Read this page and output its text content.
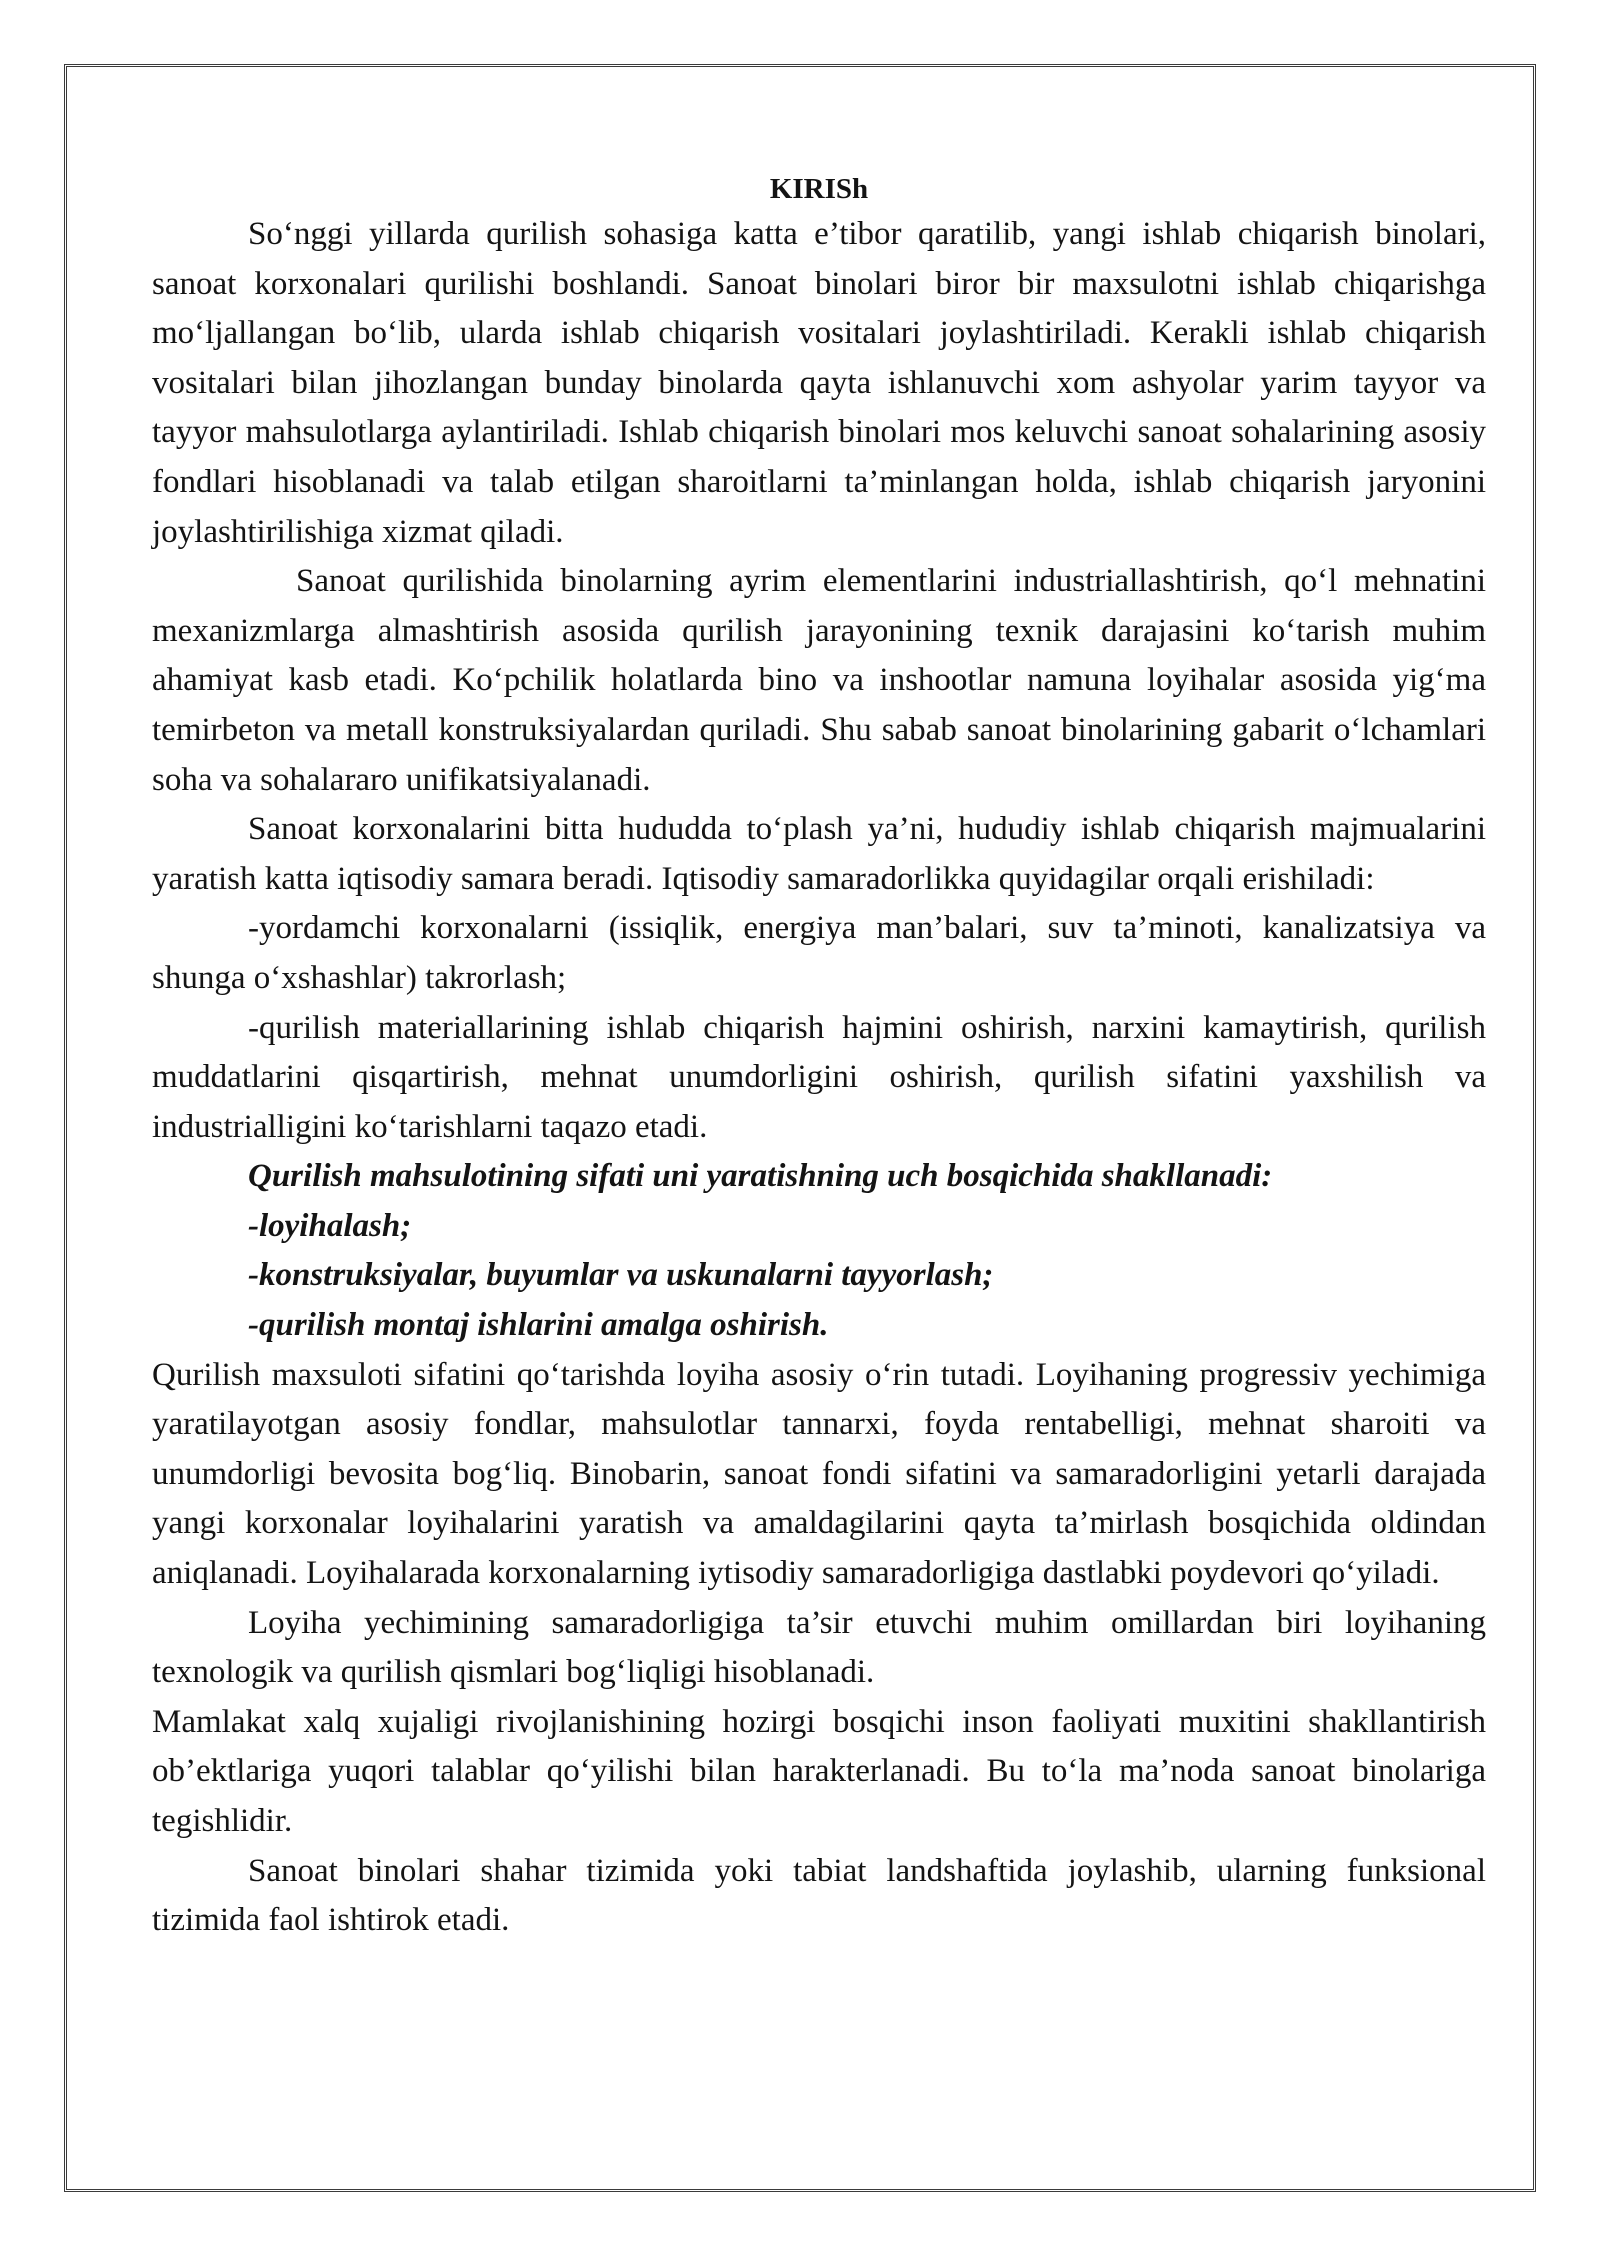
KIRISh

So‘nggi yillarda qurilish sohasiga katta e’tibor qaratilib, yangi ishlab chiqarish binolari, sanoat korxonalari qurilishi boshlandi. Sanoat binolari biror bir maxsulotni ishlab chiqarishga mo‘ljallangan bo‘lib, ularda ishlab chiqarish vositalari joylashtiriladi. Kerakli ishlab chiqarish vositalari bilan jihozlangan bunday binolarda qayta ishlanuvchi xom ashyolar yarim tayyor va tayyor mahsulotlarga aylantiriladi. Ishlab chiqarish binolari mos keluvchi sanoat sohalarining asosiy fondlari hisoblanadi va talab etilgan sharoitlarni ta’minlangan holda, ishlab chiqarish jaryonini joylashtirilishiga xizmat qiladi.

Sanoat qurilishida binolarning ayrim elementlarini industriallashtirish, qo‘l mehnatini mexanizmlarga almashtirish asosida qurilish jarayonining texnik darajasini ko‘tarish muhim ahamiyat kasb etadi. Ko‘pchilik holatlarda bino va inshootlar namuna loyihalar asosida yig‘ma temirbeton va metall konstruksiyalardan quriladi. Shu sabab sanoat binolarining gabarit o‘lchamlari soha va sohalararo unifikatsiyalanadi.

Sanoat korxonalarini bitta hududda to‘plash ya’ni, hududiy ishlab chiqarish majmualarini yaratish katta iqtisodiy samara beradi. Iqtisodiy samaradorlikka quyidagilar orqali erishiladi:

-yordamchi korxonalarni (issiqlik, energiya man’balari, suv ta’minoti, kanalizatsiya va shunga o‘xshashlar) takrorlash;

-qurilish materiallarining ishlab chiqarish hajmini oshirish, narxini kamaytirish, qurilish muddatlarini qisqartirish, mehnat unumdorligini oshirish, qurilish sifatini yaxshilish va industrialligini ko‘tarishlarni taqazo etadi.

Qurilish mahsulotining sifati uni yaratishning uch bosqichida shakllanadi:

-loyihalash;

-konstruksiyalar, buyumlar va uskunalarni tayyorlash;

-qurilish montaj ishlarini amalga oshirish.

Qurilish maxsuloti sifatini qo‘tarishda loyiha asosiy o‘rin tutadi. Loyihaning progressiv yechimiga yaratilayotgan asosiy fondlar, mahsulotlar tannarxi, foyda rentabelligi, mehnat sharoiti va unumdorligi bevosita bog‘liq. Binobarin, sanoat fondi sifatini va samaradorligini yetarli darajada yangi korxonalar loyihalarini yaratish va amaldagilarini qayta ta’mirlash bosqichida oldindan aniqlanadi. Loyihalarada korxonalarning iytisodiy samaradorligiga dastlabki poydevori qo‘yiladi.

Loyiha yechimining samaradorligiga ta’sir etuvchi muhim omillardan biri loyihaning texnologik va qurilish qismlari bog‘liqligi hisoblanadi.

Mamlakat xalq xujaligi rivojlanishining hozirgi bosqichi inson faoliyati muxitini shakllantirish ob’ektlariga yuqori talablar qo‘yilishi bilan harakterlanadi. Bu to‘la ma’noda sanoat binolariga tegishlidir.

Sanoat binolari shahar tizimida yoki tabiat landshaftida joylashib, ularning funksional tizimida faol ishtirok etadi.
